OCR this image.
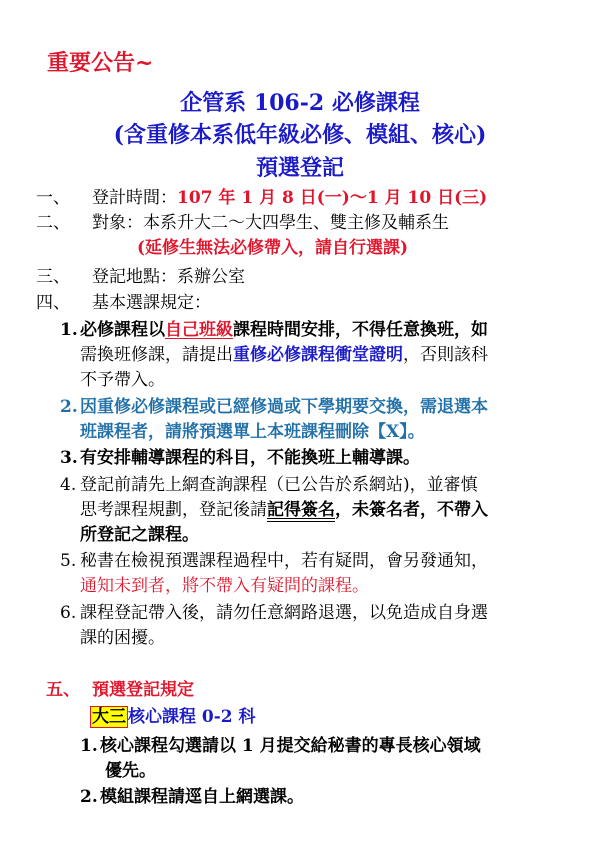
重要公告~
企管系 106-2 必修課程
(含重修本系低年級必修、模組、核心)
預選登記
一、 登計時間：107 年 1 月 8 日(一)～1 月 10 日(三)
二、 對象：本系升大二～大四學生、雙主修及輔系生
(延修生無法必修帶入，請自行選課)
三、 登記地點：系辦公室
四、 基本選課規定：
1. 必修課程以自己班級課程時間安排，不得任意換班，如
需換班修課，請提出重修必修課程衝堂證明，否則該科
不予帶入。
2. 因重修必修課程或已經修過或下學期要交換，需退選本
班課程者，請將預選單上本班課程刪除【X】。
3. 有安排輔導課程的科目，不能換班上輔導課。
4. 登記前請先上網查詢課程（已公告於系網站)，並審慎
思考課程規劃，登記後請記得簽名，未簽名者，不帶入
所登記之課程。
5. 秘書在檢視預選課程過程中，若有疑問，會另發通知，
通知未到者，將不帶入有疑問的課程。
6. 課程登記帶入後，請勿任意網路退選，以免造成自身選
課的困擾。
五、 預選登記規定
大三 核心課程 0-2 科
1. 核心課程勾選請以 1 月提交給秘書的專長核心領域
優先。
2. 模組課程請逕自上網選課。
